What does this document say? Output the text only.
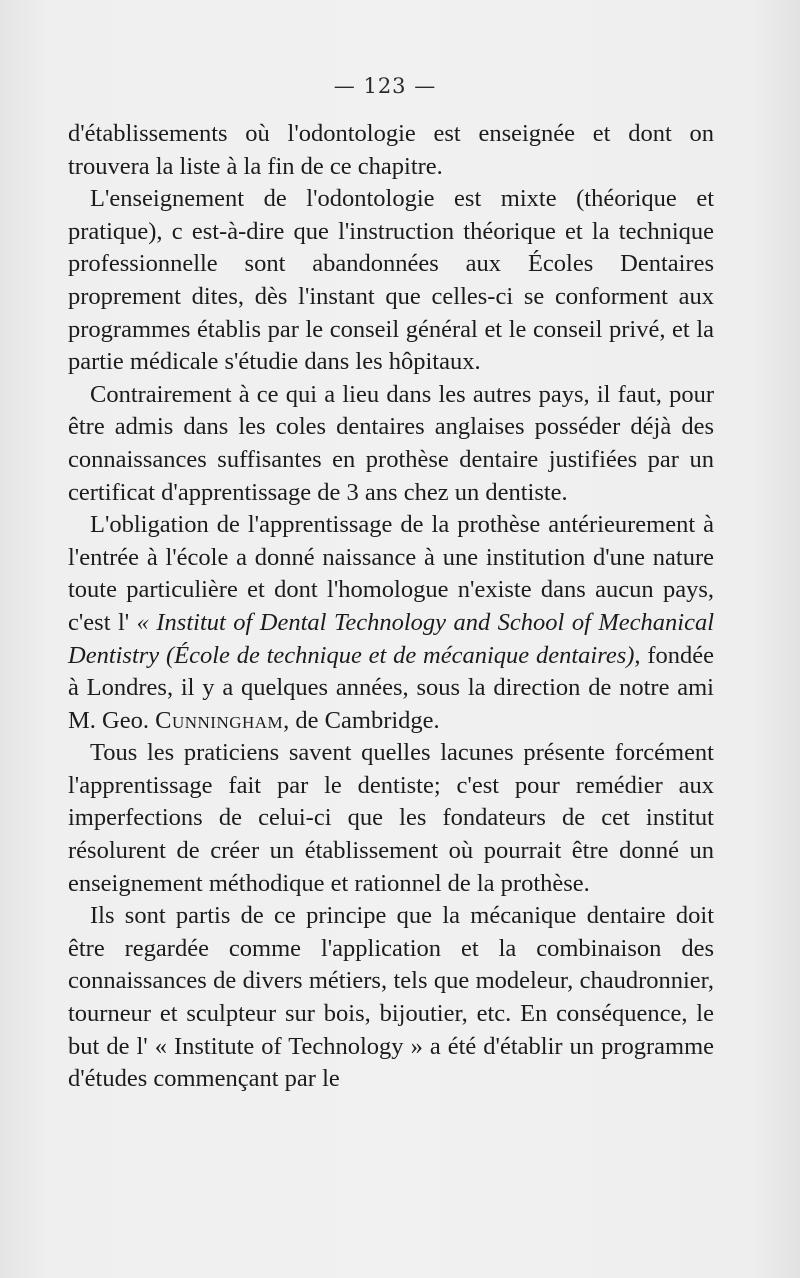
— 123 —

d'établissements où l'odontologie est enseignée et dont on trouvera la liste à la fin de ce chapitre.

L'enseignement de l'odontologie est mixte (théorique et pratique), c est-à-dire que l'instruction théorique et la technique professionnelle sont abandonnées aux Écoles Dentaires proprement dites, dès l'instant que celles-ci se conforment aux programmes établis par le conseil général et le conseil privé, et la partie médicale s'étudie dans les hôpitaux.

Contrairement à ce qui a lieu dans les autres pays, il faut, pour être admis dans les coles dentaires anglaises posséder déjà des connaissances suffisantes en prothèse dentaire justifiées par un certificat d'apprentissage de 3 ans chez un dentiste.

L'obligation de l'apprentissage de la prothèse antérieurement à l'entrée à l'école a donné naissance à une institution d'une nature toute particulière et dont l'homologue n'existe dans aucun pays, c'est l' « Institut of Dental Technology and School of Mechanical Dentistry (École de technique et de mécanique dentaires), fondée à Londres, il y a quelques années, sous la direction de notre ami M. Geo. Cunningham, de Cambridge.

Tous les praticiens savent quelles lacunes présente forcément l'apprentissage fait par le dentiste; c'est pour remédier aux imperfections de celui-ci que les fondateurs de cet institut résolurent de créer un établissement où pourrait être donné un enseignement méthodique et rationnel de la prothèse.

Ils sont partis de ce principe que la mécanique dentaire doit être regardée comme l'application et la combinaison des connaissances de divers métiers, tels que modeleur, chaudronnier, tourneur et sculpteur sur bois, bijoutier, etc. En conséquence, le but de l' « Institute of Technology » a été d'établir un programme d'études commençant par le
